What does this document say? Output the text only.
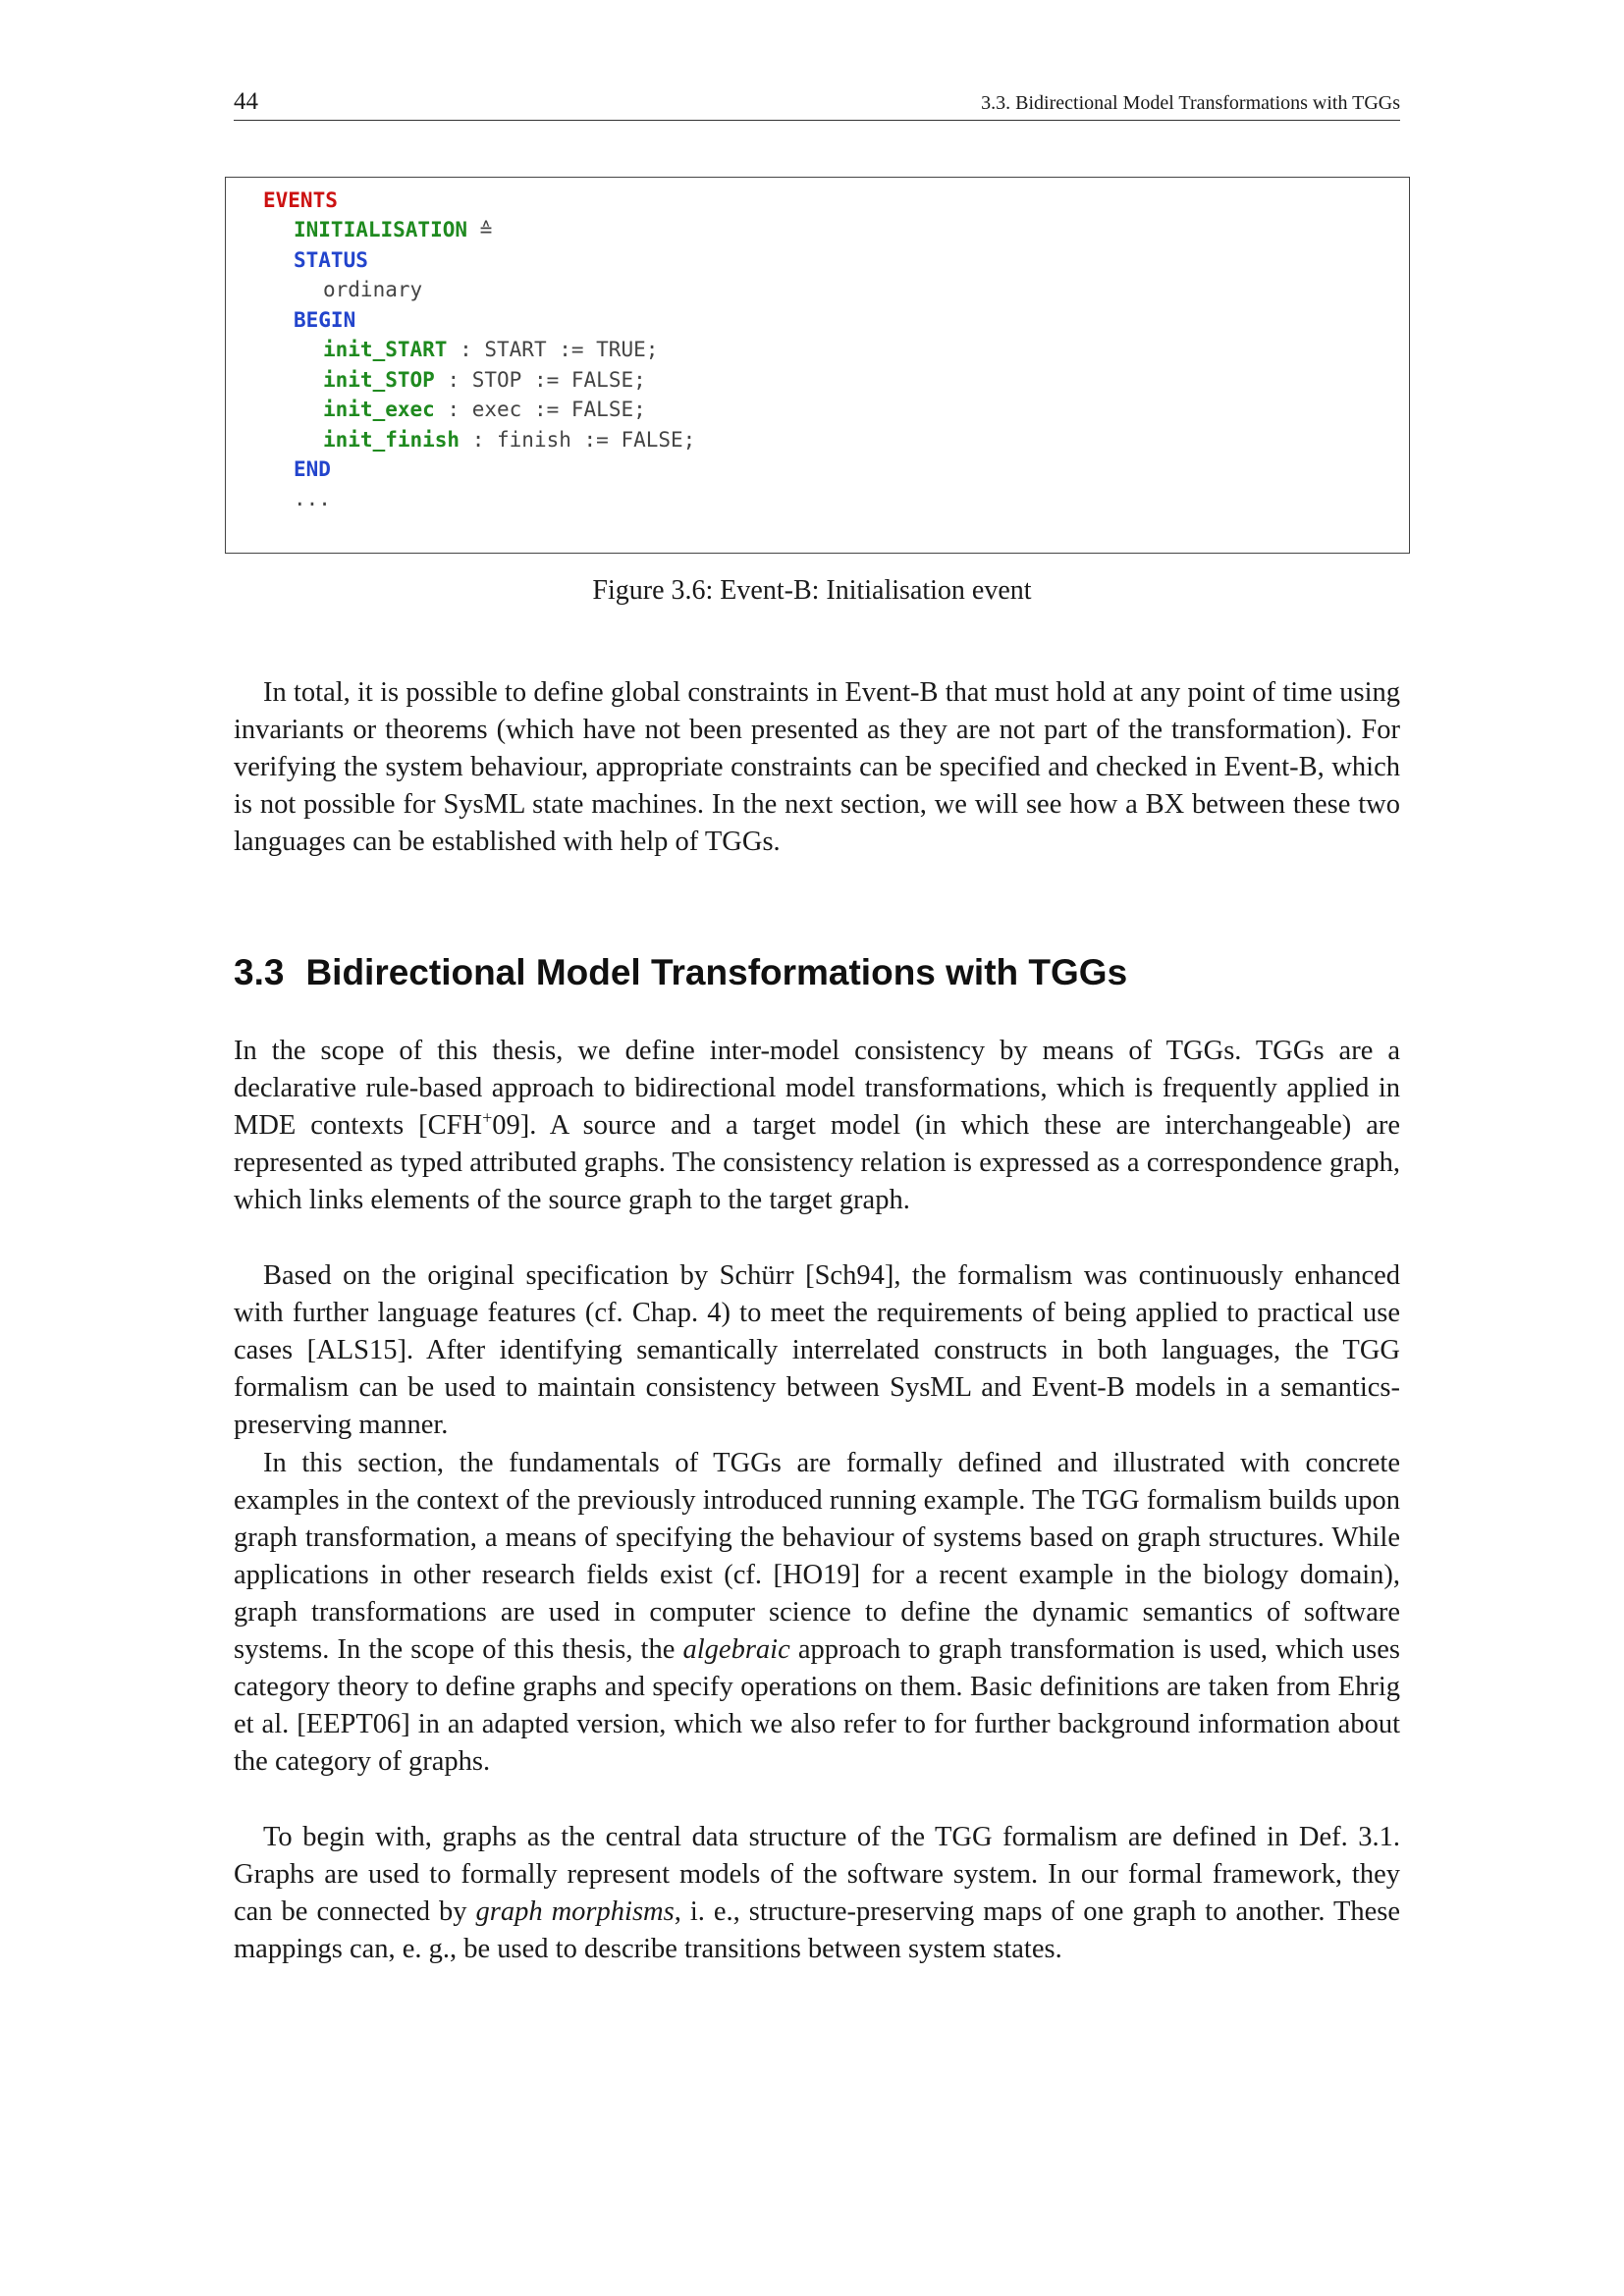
44	3.3. Bidirectional Model Transformations with TGGs
EVENTS
INITIALISATION ≙
STATUS
ordinary
BEGIN
init_START : START := TRUE;
init_STOP : STOP := FALSE;
init_exec : exec := FALSE;
init_finish : finish := FALSE;
END
...
Figure 3.6: Event-B: Initialisation event
In total, it is possible to define global constraints in Event-B that must hold at any point of time using invariants or theorems (which have not been presented as they are not part of the transformation). For verifying the system behaviour, appropriate constraints can be specified and checked in Event-B, which is not possible for SysML state machines. In the next section, we will see how a BX between these two languages can be established with help of TGGs.
3.3 Bidirectional Model Transformations with TGGs
In the scope of this thesis, we define inter-model consistency by means of TGGs. TGGs are a declarative rule-based approach to bidirectional model transformations, which is frequently applied in MDE contexts [CFH+09]. A source and a target model (in which these are interchangeable) are represented as typed attributed graphs. The consistency relation is expressed as a correspondence graph, which links elements of the source graph to the target graph.
Based on the original specification by Schürr [Sch94], the formalism was continuously enhanced with further language features (cf. Chap. 4) to meet the requirements of being applied to practical use cases [ALS15]. After identifying semantically interrelated constructs in both languages, the TGG formalism can be used to maintain consistency between SysML and Event-B models in a semantics-preserving manner.
In this section, the fundamentals of TGGs are formally defined and illustrated with concrete examples in the context of the previously introduced running example. The TGG formalism builds upon graph transformation, a means of specifying the behaviour of systems based on graph structures. While applications in other research fields exist (cf. [HO19] for a recent example in the biology domain), graph transformations are used in computer science to define the dynamic semantics of software systems. In the scope of this thesis, the algebraic approach to graph transformation is used, which uses category theory to define graphs and specify operations on them. Basic definitions are taken from Ehrig et al. [EEPT06] in an adapted version, which we also refer to for further background information about the category of graphs.
To begin with, graphs as the central data structure of the TGG formalism are defined in Def. 3.1. Graphs are used to formally represent models of the software system. In our formal framework, they can be connected by graph morphisms, i. e., structure-preserving maps of one graph to another. These mappings can, e. g., be used to describe transitions between system states.
